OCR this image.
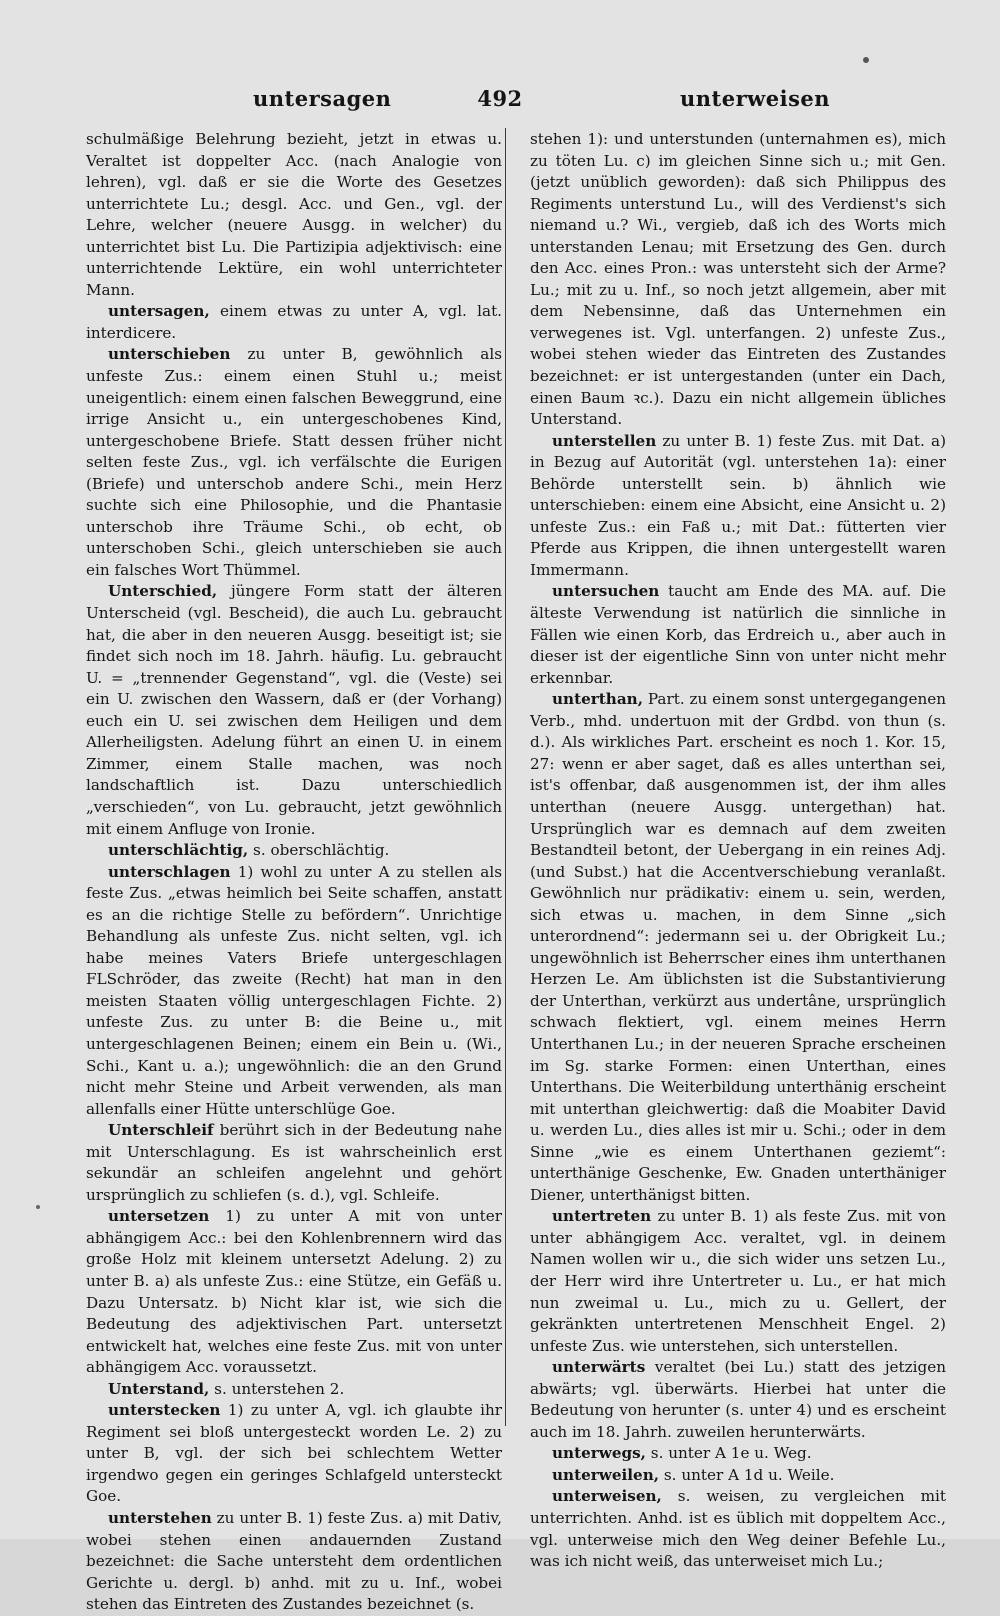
untersagen	492	unterweisen

schulmäßige Belehrung bezieht, jetzt in etwas u. Veraltet ist doppelter Acc. (nach Analogie von lehren), vgl. daß er sie die Worte des Gesetzes unterrichtete Lu.; desgl. Acc. und Gen., vgl. der Lehre, welcher (neuere Ausgg. in welcher) du unterrichtet bist Lu. Die Partizipia adjektivisch: eine unterrichtende Lektüre, ein wohl unterrichteter Mann.

untersagen, einem etwas zu unter A, vgl. lat. interdicere.

unterschieben zu unter B, gewöhnlich als unfeste Zus.: einem einen Stuhl u.; meist uneigentlich: einem einen falschen Beweggrund, eine irrige Ansicht u., ein untergeschobenes Kind, untergeschobene Briefe. Statt dessen früher nicht selten feste Zus., vgl. ich verfälschte die Eurigen (Briefe) und unterschob andere Schi., mein Herz suchte sich eine Philosophie, und die Phantasie unterschob ihre Träume Schi., ob echt, ob unterschoben Schi., gleich unterschieben sie auch ein falsches Wort Thümmel.

Unterschied, jüngere Form statt der älteren Unterscheid (vgl. Bescheid), die auch Lu. gebraucht hat, die aber in den neueren Ausgg. beseitigt ist; sie findet sich noch im 18. Jahrh. häufig. Lu. gebraucht U. = „trennender Gegenstand“, vgl. die (Veste) sei ein U. zwischen den Wassern, daß er (der Vorhang) euch ein U. sei zwischen dem Heiligen und dem Allerheiligsten. Adelung führt an einen U. in einem Zimmer, einem Stalle machen, was noch landschaftlich ist. Dazu unterschiedlich „verschieden“, von Lu. gebraucht, jetzt gewöhnlich mit einem Anfluge von Ironie.

unterschlächtig, s. oberschlächtig.

unterschlagen 1) wohl zu unter A zu stellen als feste Zus. „etwas heimlich bei Seite schaffen, anstatt es an die richtige Stelle zu befördern“. Unrichtige Behandlung als unfeste Zus. nicht selten, vgl. ich habe meines Vaters Briefe untergeschlagen FLSchröder, das zweite (Recht) hat man in den meisten Staaten völlig untergeschlagen Fichte. 2) unfeste Zus. zu unter B: die Beine u., mit untergeschlagenen Beinen; einem ein Bein u. (Wi., Schi., Kant u. a.); ungewöhnlich: die an den Grund nicht mehr Steine und Arbeit verwenden, als man allenfalls einer Hütte unterschlüge Goe.

Unterschleif berührt sich in der Bedeutung nahe mit Unterschlagung. Es ist wahrscheinlich erst sekundär an schleifen angelehnt und gehört ursprünglich zu schliefen (s. d.), vgl. Schleife.

untersetzen 1) zu unter A mit von unter abhängigem Acc.: bei den Kohlenbrennern wird das große Holz mit kleinem untersetzt Adelung. 2) zu unter B. a) als unfeste Zus.: eine Stütze, ein Gefäß u. Dazu Untersatz. b) Nicht klar ist, wie sich die Bedeutung des adjektivischen Part. untersetzt entwickelt hat, welches eine feste Zus. mit von unter abhängigem Acc. voraussetzt.

Unterstand, s. unterstehen 2.

unterstecken 1) zu unter A, vgl. ich glaubte ihr Regiment sei bloß untergesteckt worden Le. 2) zu unter B, vgl. der sich bei schlechtem Wetter irgendwo gegen ein geringes Schlafgeld untersteckt Goe.

unterstehen zu unter B. 1) feste Zus. a) mit Dativ, wobei stehen einen andauernden Zustand bezeichnet: die Sache untersteht dem ordentlichen Gerichte u. dergl. b) anhd. mit zu u. Inf., wobei stehen das Eintreten des Zustandes bezeichnet (s.

stehen 1): und unterstunden (unternahmen es), mich zu töten Lu. c) im gleichen Sinne sich u.; mit Gen. (jetzt unüblich geworden): daß sich Philippus des Regiments unterstund Lu., will des Verdienst's sich niemand u.? Wi., vergieb, daß ich des Worts mich unterstanden Lenau; mit Ersetzung des Gen. durch den Acc. eines Pron.: was untersteht sich der Arme? Lu.; mit zu u. Inf., so noch jetzt allgemein, aber mit dem Nebensinne, daß das Unternehmen ein verwegenes ist. Vgl. unterfangen. 2) unfeste Zus., wobei stehen wieder das Eintreten des Zustandes bezeichnet: er ist untergestanden (unter ein Dach, einen Baum ꝛc.). Dazu ein nicht allgemein übliches Unterstand.

unterstellen zu unter B. 1) feste Zus. mit Dat. a) in Bezug auf Autorität (vgl. unterstehen 1a): einer Behörde unterstellt sein. b) ähnlich wie unterschieben: einem eine Absicht, eine Ansicht u. 2) unfeste Zus.: ein Faß u.; mit Dat.: fütterten vier Pferde aus Krippen, die ihnen untergestellt waren Immermann.

untersuchen taucht am Ende des MA. auf. Die älteste Verwendung ist natürlich die sinnliche in Fällen wie einen Korb, das Erdreich u., aber auch in dieser ist der eigentliche Sinn von unter nicht mehr erkennbar.

unterthan, Part. zu einem sonst untergegangenen Verb., mhd. undertuon mit der Grdbd. von thun (s. d.). Als wirkliches Part. erscheint es noch 1. Kor. 15, 27: wenn er aber saget, daß es alles unterthan sei, ist's offenbar, daß ausgenommen ist, der ihm alles unterthan (neuere Ausgg. untergethan) hat. Ursprünglich war es demnach auf dem zweiten Bestandteil betont, der Uebergang in ein reines Adj. (und Subst.) hat die Accentverschiebung veranlaßt. Gewöhnlich nur prädikativ: einem u. sein, werden, sich etwas u. machen, in dem Sinne „sich unterordnend“: jedermann sei u. der Obrigkeit Lu.; ungewöhnlich ist Beherrscher eines ihm unterthanen Herzen Le. Am üblichsten ist die Substantivierung der Unterthan, verkürzt aus undertâne, ursprünglich schwach flektiert, vgl. einem meines Herrn Unterthanen Lu.; in der neueren Sprache erscheinen im Sg. starke Formen: einen Unterthan, eines Unterthans. Die Weiterbildung unterthänig erscheint mit unterthan gleichwertig: daß die Moabiter David u. werden Lu., dies alles ist mir u. Schi.; oder in dem Sinne „wie es einem Unterthanen geziemt“: unterthänige Geschenke, Ew. Gnaden unterthäniger Diener, unterthänigst bitten.

untertreten zu unter B. 1) als feste Zus. mit von unter abhängigem Acc. veraltet, vgl. in deinem Namen wollen wir u., die sich wider uns setzen Lu., der Herr wird ihre Untertreter u. Lu., er hat mich nun zweimal u. Lu., mich zu u. Gellert, der gekränkten untertretenen Menschheit Engel. 2) unfeste Zus. wie unterstehen, sich unterstellen.

unterwärts veraltet (bei Lu.) statt des jetzigen abwärts; vgl. überwärts. Hierbei hat unter die Bedeutung von herunter (s. unter 4) und es erscheint auch im 18. Jahrh. zuweilen herunterwärts.

unterwegs, s. unter A 1e u. Weg.

unterweilen, s. unter A 1d u. Weile.

unterweisen, s. weisen, zu vergleichen mit unterrichten. Anhd. ist es üblich mit doppeltem Acc., vgl. unterweise mich den Weg deiner Befehle Lu., was ich nicht weiß, das unterweiset mich Lu.;
